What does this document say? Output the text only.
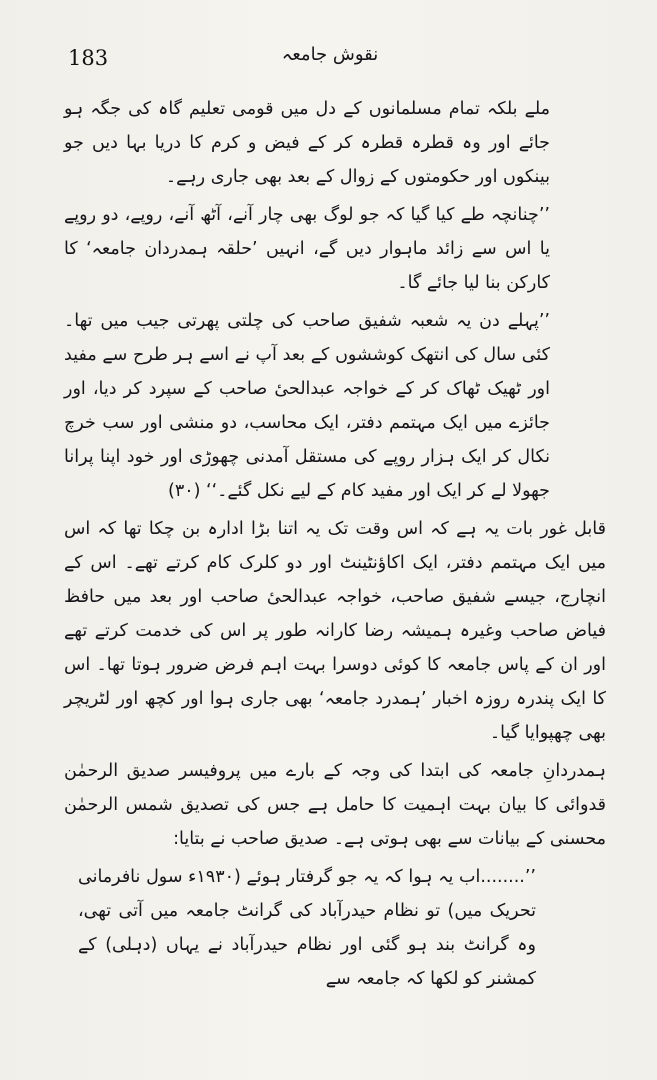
183	نقوش جامعہ

ملے بلکہ تمام مسلمانوں کے دل میں قومی تعلیم گاہ کی جگہ ہو جائے اور وہ قطرہ قطرہ کر کے فیض و کرم کا دریا بہا دیں جو بینکوں اور حکومتوں کے زوال کے بعد بھی جاری رہے۔

’’چنانچہ طے کیا گیا کہ جو لوگ بھی چار آنے، آٹھ آنے، روپے، دو روپے یا اس سے زائد ماہوار دیں گے، انہیں ’حلقہ ہمدردان جامعہ‘ کا کارکن بنا لیا جائے گا۔

’’پہلے دن یہ شعبہ شفیق صاحب کی چلتی پھرتی جیب میں تھا۔ کئی سال کی انتھک کوششوں کے بعد آپ نے اسے ہر طرح سے مفید اور ٹھیک ٹھاک کر کے خواجہ عبدالحیٔ صاحب کے سپرد کر دیا، اور جائزے میں ایک مہتمم دفتر، ایک محاسب، دو منشی اور سب خرچ نکال کر ایک ہزار روپے کی مستقل آمدنی چھوڑی اور خود اپنا پرانا جھولا لے کر ایک اور مفید کام کے لیے نکل گئے۔‘‘ (۳۰)

قابل غور بات یہ ہے کہ اس وقت تک یہ اتنا بڑا ادارہ بن چکا تھا کہ اس میں ایک مہتمم دفتر، ایک اکاؤنٹینٹ اور دو کلرک کام کرتے تھے۔ اس کے انچارج، جیسے شفیق صاحب، خواجہ عبدالحیٔ صاحب اور بعد میں حافظ فیاض صاحب وغیرہ ہمیشہ رضا کارانہ طور پر اس کی خدمت کرتے تھے اور ان کے پاس جامعہ کا کوئی دوسرا بہت اہم فرض ضرور ہوتا تھا۔ اس کا ایک پندرہ روزہ اخبار ’ہمدرد جامعہ‘ بھی جاری ہوا اور کچھ اور لٹریچر بھی چھپوایا گیا۔

ہمدردانِ جامعہ کی ابتدا کی وجہ کے بارے میں پروفیسر صدیق الرحمٰن قدوائی کا بیان بہت اہمیت کا حامل ہے جس کی تصدیق شمس الرحمٰن محسنی کے بیانات سے بھی ہوتی ہے۔ صدیق صاحب نے بتایا:

’’........اب یہ ہوا کہ یہ جو گرفتار ہوئے (۱۹۳۰ء سول نافرمانی تحریک میں) تو نظام حیدرآباد کی گرانٹ جامعہ میں آتی تھی، وہ گرانٹ بند ہو گئی اور نظام حیدرآباد نے یہاں (دہلی) کے کمشنر کو لکھا کہ جامعہ سے
